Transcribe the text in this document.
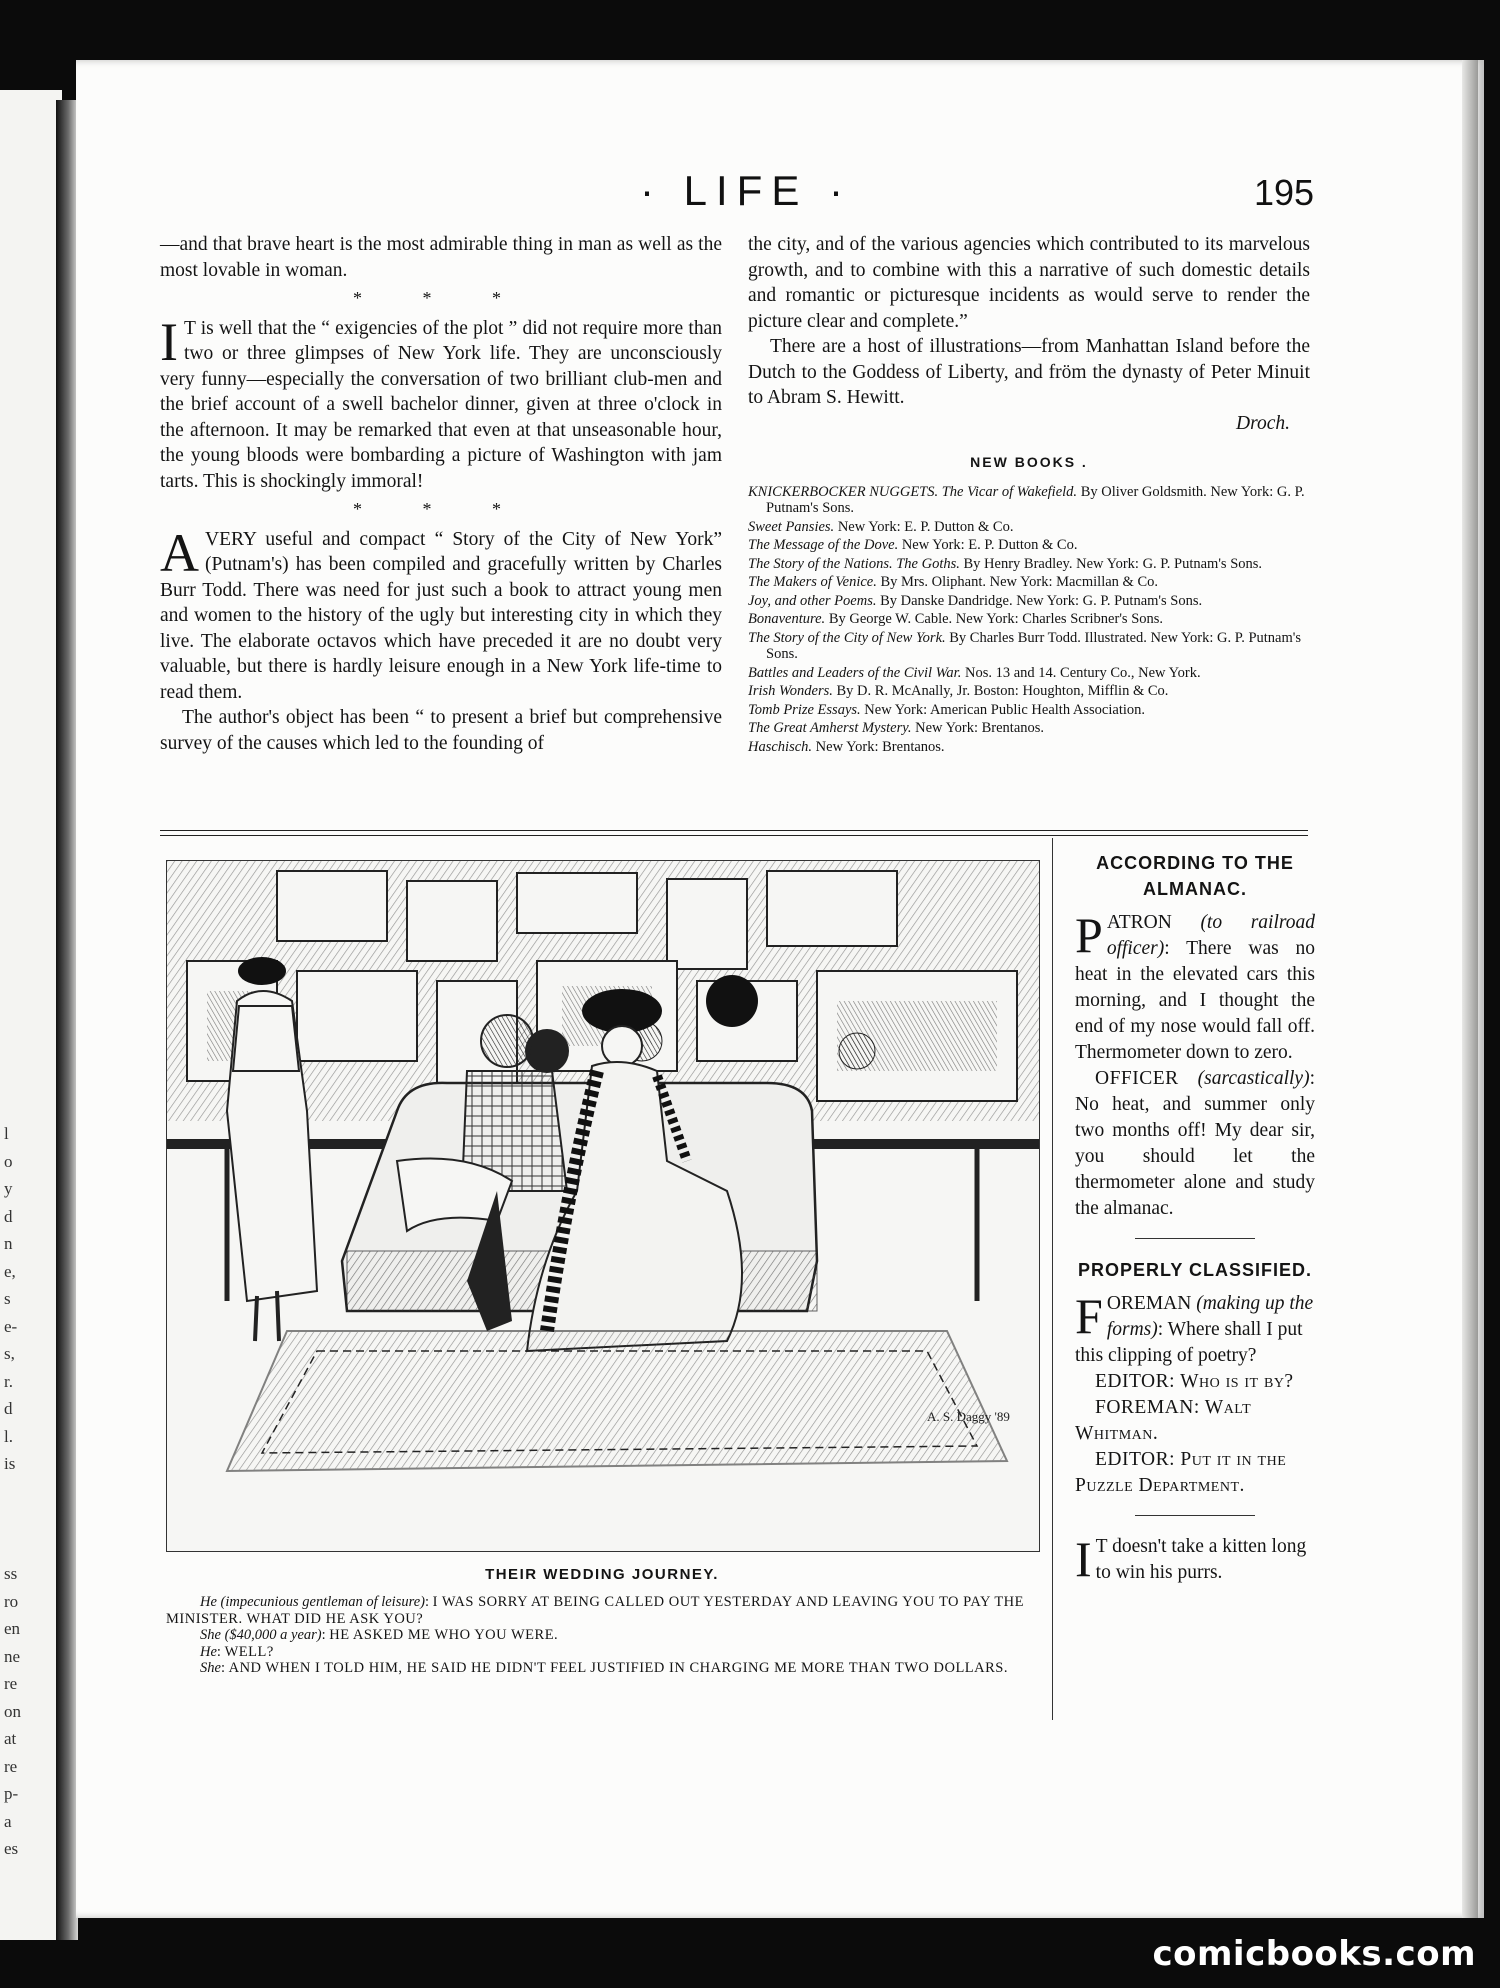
l
o
y
d
n
e,
s
e-
s,
r.
d
l.
is

ss
ro
en
ne
re
on
at
re
p-
a
es
· LIFE ·	195

—and that brave heart is the most admirable thing in man as well as the most lovable in woman.

* * *

I T is well that the “ exigencies of the plot ” did not require more than two or three glimpses of New York life. They are unconsciously very funny—especially the conversation of two brilliant club-men and the brief account of a swell bachelor dinner, given at three o'clock in the afternoon. It may be remarked that even at that unseasonable hour, the young bloods were bombarding a picture of Washington with jam tarts. This is shockingly immoral!

* * *

AVERY useful and compact “ Story of the City of New York” (Putnam's) has been compiled and gracefully written by Charles Burr Todd. There was need for just such a book to attract young men and women to the history of the ugly but interesting city in which they live. The elaborate octavos which have preceded it are no doubt very valuable, but there is hardly leisure enough in a New York life-time to read them.

The author's object has been “ to present a brief but comprehensive survey of the causes which led to the founding of

the city, and of the various agencies which contributed to its marvelous growth, and to combine with this a narrative of such domestic details and romantic or picturesque incidents as would serve to render the picture clear and complete.”

There are a host of illustrations—from Manhattan Island before the Dutch to the Goddess of Liberty, and fröm the dynasty of Peter Minuit to Abram S. Hewitt.

Droch.

NEW BOOKS .

KNICKERBOCKER NUGGETS. The Vicar of Wakefield. By Oliver Goldsmith. New York: G. P. Putnam's Sons.

Sweet Pansies. New York: E. P. Dutton & Co.

The Message of the Dove. New York: E. P. Dutton & Co.

The Story of the Nations. The Goths. By Henry Bradley. New York: G. P. Putnam's Sons.

The Makers of Venice. By Mrs. Oliphant. New York: Macmillan & Co.

Joy, and other Poems. By Danske Dandridge. New York: G. P. Putnam's Sons.

Bonaventure. By George W. Cable. New York: Charles Scribner's Sons.

The Story of the City of New York. By Charles Burr Todd. Illustrated. New York: G. P. Putnam's Sons.

Battles and Leaders of the Civil War. Nos. 13 and 14. Century Co., New York.

Irish Wonders. By D. R. McAnally, Jr. Boston: Houghton, Mifflin & Co.

Tomb Prize Essays. New York: American Public Health Association.

The Great Amherst Mystery. New York: Brentanos.

Haschisch. New York: Brentanos.

A. S. Daggy '89
THEIR WEDDING JOURNEY.

He (impecunious gentleman of leisure): I WAS SORRY AT BEING CALLED OUT YESTERDAY AND LEAVING YOU TO PAY THE MINISTER. WHAT DID HE ASK YOU?

She ($40,000 a year): HE ASKED ME WHO YOU WERE.

He: WELL?

She: AND WHEN I TOLD HIM, HE SAID HE DIDN'T FEEL JUSTIFIED IN CHARGING ME MORE THAN TWO DOLLARS.

ACCORDING TO THE ALMANAC.

PATRON (to railroad officer): There was no heat in the elevated cars this morning, and I thought the end of my nose would fall off. Thermometer down to zero.

OFFICER (sarcastically): No heat, and summer only two months off! My dear sir, you should let the thermometer alone and study the almanac.

PROPERLY CLASSIFIED.

FOREMAN (making up the forms): Where shall I put this clipping of poetry?

EDITOR: Who is it by?

FOREMAN: Walt Whitman.

EDITOR: Put it in the Puzzle Department.

I T doesn't take a kitten long to win his purrs.

comicbooks.com
